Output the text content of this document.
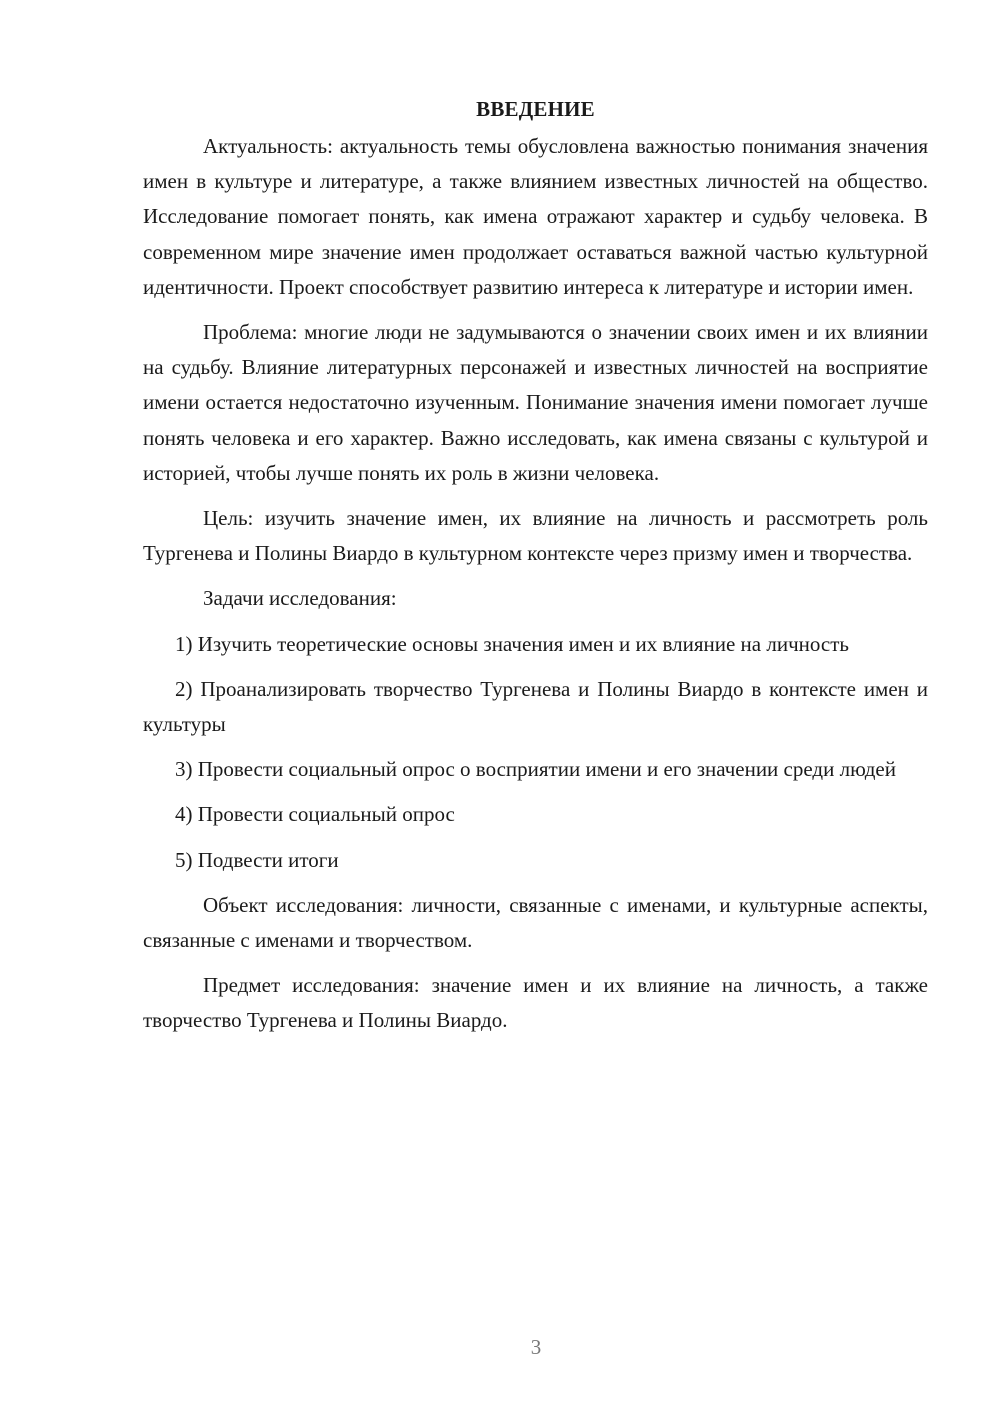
ВВЕДЕНИЕ

Актуальность: актуальность темы обусловлена важностью понимания значения имен в культуре и литературе, а также влиянием известных личностей на общество. Исследование помогает понять, как имена отражают характер и судьбу человека. В современном мире значение имен продолжает оставаться важной частью культурной идентичности. Проект способствует развитию интереса к литературе и истории имен.

Проблема: многие люди не задумываются о значении своих имен и их влиянии на судьбу. Влияние литературных персонажей и известных личностей на восприятие имени остается недостаточно изученным. Понимание значения имени помогает лучше понять человека и его характер. Важно исследовать, как имена связаны с культурой и историей, чтобы лучше понять их роль в жизни человека.

Цель: изучить значение имен, их влияние на личность и рассмотреть роль Тургенева и Полины Виардо в культурном контексте через призму имен и творчества.

Задачи исследования:

1) Изучить теоретические основы значения имен и их влияние на личность

2) Проанализировать творчество Тургенева и Полины Виардо в контексте имен и культуры

3) Провести социальный опрос о восприятии имени и его значении среди людей

4) Провести социальный опрос

5) Подвести итоги

Объект исследования: личности, связанные с именами, и культурные аспекты, связанные с именами и творчеством.

Предмет исследования: значение имен и их влияние на личность, а также творчество Тургенева и Полины Виардо.

3
